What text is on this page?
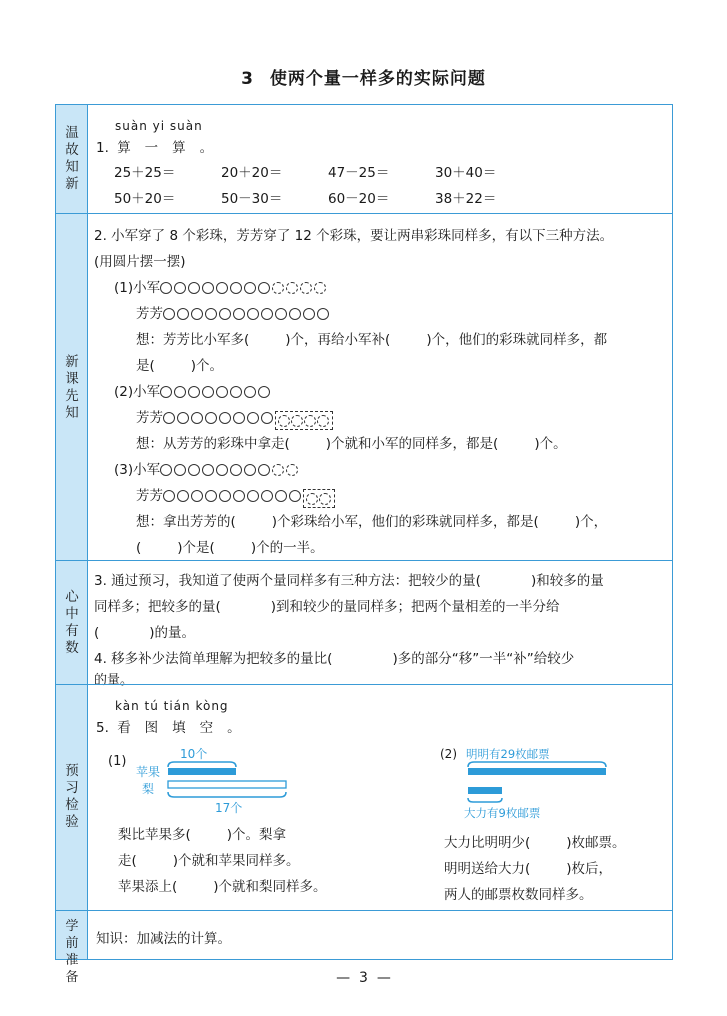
3 使两个量一样多的实际问题
温
故
知
新
suàn yi suàn
1. 算一算。
25＋25＝	20＋20＝	47－25＝	30＋40＝
50＋20＝	50－30＝	60－20＝	38＋22＝
新
课
先
知
2. 小军穿了 8 个彩珠，芳芳穿了 12 个彩珠，要让两串彩珠同样多，有以下三种方法。
(用圆片摆一摆)
(1)小军
芳芳
想：芳芳比小军多(	)个，再给小军补(	)个，他们的彩珠就同样多，都
是(	)个。
(2)小军
芳芳
想：从芳芳的彩珠中拿走(	)个就和小军的同样多，都是(	)个。
(3)小军
芳芳
想：拿出芳芳的(	)个彩珠给小军，他们的彩珠就同样多，都是(	)个，
(	)个是(	)个的一半。
心
中
有
数
3. 通过预习，我知道了使两个量同样多有三种方法：把较少的量(	)和较多的量
同样多；把较多的量(	)到和较少的量同样多；把两个量相差的一半分给
(	)的量。
4. 移多补少法简单理解为把较多的量比(	)多的部分“移”一半“补”给较少
的量。
预
习
检
验
kàn tú tián kòng
5. 看图填空。
(1)	10个
苹果
梨
17个
梨比苹果多(	)个。梨拿
走(	)个就和苹果同样多。
苹果添上(	)个就和梨同样多。
(2) 明明有29枚邮票
大力有9枚邮票
大力比明明少(	)枚邮票。
明明送给大力(	)枚后，
两人的邮票枚数同样多。
学
前
准
备
知识：加减法的计算。
—  3  —
